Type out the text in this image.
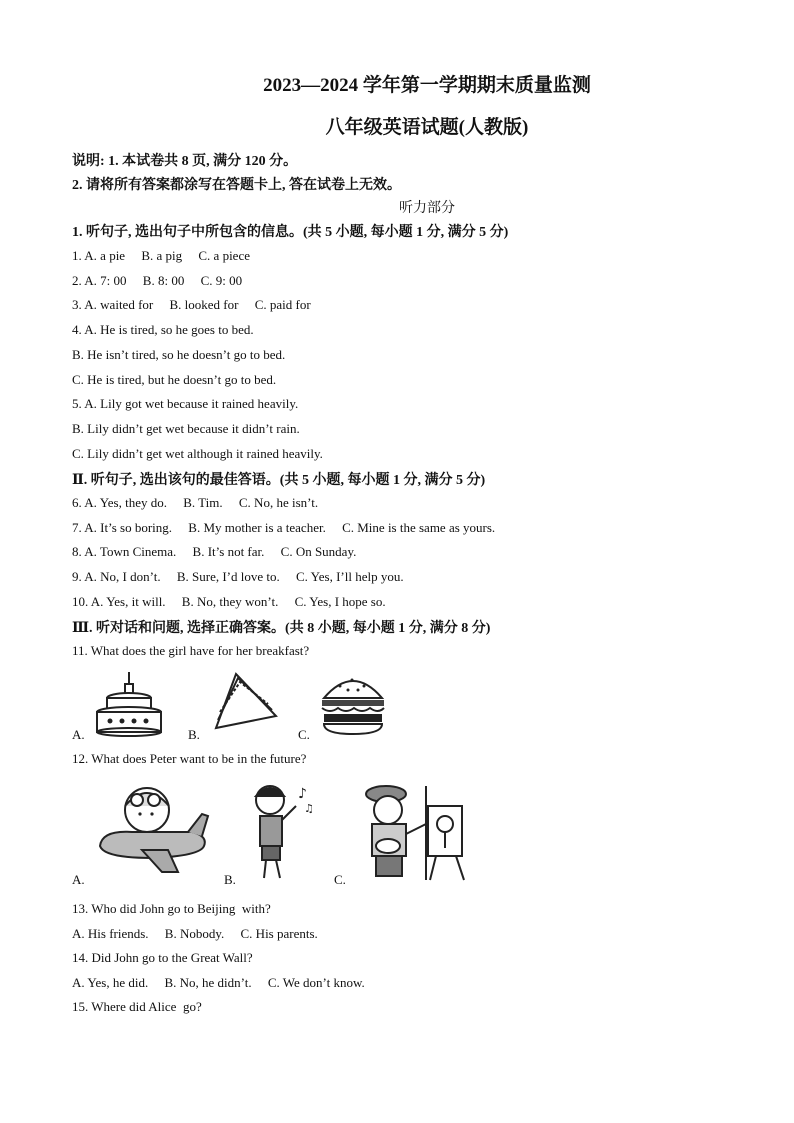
2023—2024 学年第一学期期末质量监测
八年级英语试题(人教版)
说明: 1. 本试卷共 8 页, 满分 120 分。
2. 请将所有答案都涂写在答题卡上, 答在试卷上无效。
听力部分
1. 听句子, 选出句子中所包含的信息。(共 5 小题, 每小题 1 分, 满分 5 分)
1. A. a pie     B. a pig     C. a piece
2. A. 7: 00     B. 8: 00     C. 9: 00
3. A. waited for     B. looked for     C. paid for
4. A. He is tired, so he goes to bed.
B. He isn’t tired, so he doesn’t go to bed.
C. He is tired, but he doesn’t go to bed.
5. A. Lily got wet because it rained heavily.
B. Lily didn’t get wet because it didn’t rain.
C. Lily didn’t get wet although it rained heavily.
Ⅱ. 听句子, 选出该句的最佳答语。(共 5 小题, 每小题 1 分, 满分 5 分)
6. A. Yes, they do.     B. Tim.     C. No, he isn’t.
7. A. It’s so boring.     B. My mother is a teacher.     C. Mine is the same as yours.
8. A. Town Cinema.     B. It’s not far.     C. On Sunday.
9. A. No, I don’t.     B. Sure, I’d love to.     C. Yes, I’ll help you.
10. A. Yes, it will.     B. No, they won’t.     C. Yes, I hope so.
Ⅲ. 听对话和问题, 选择正确答案。(共 8 小题, 每小题 1 分, 满分 8 分)
11. What does the girl have for her breakfast?
A.	B.	C.
12. What does Peter want to be in the future?
A.
♪
♫
B.	C.
13. Who did John go to Beijing  with?
A. His friends.     B. Nobody.     C. His parents.
14. Did John go to the Great Wall?
A. Yes, he did.     B. No, he didn’t.     C. We don’t know.
15. Where did Alice  go?
